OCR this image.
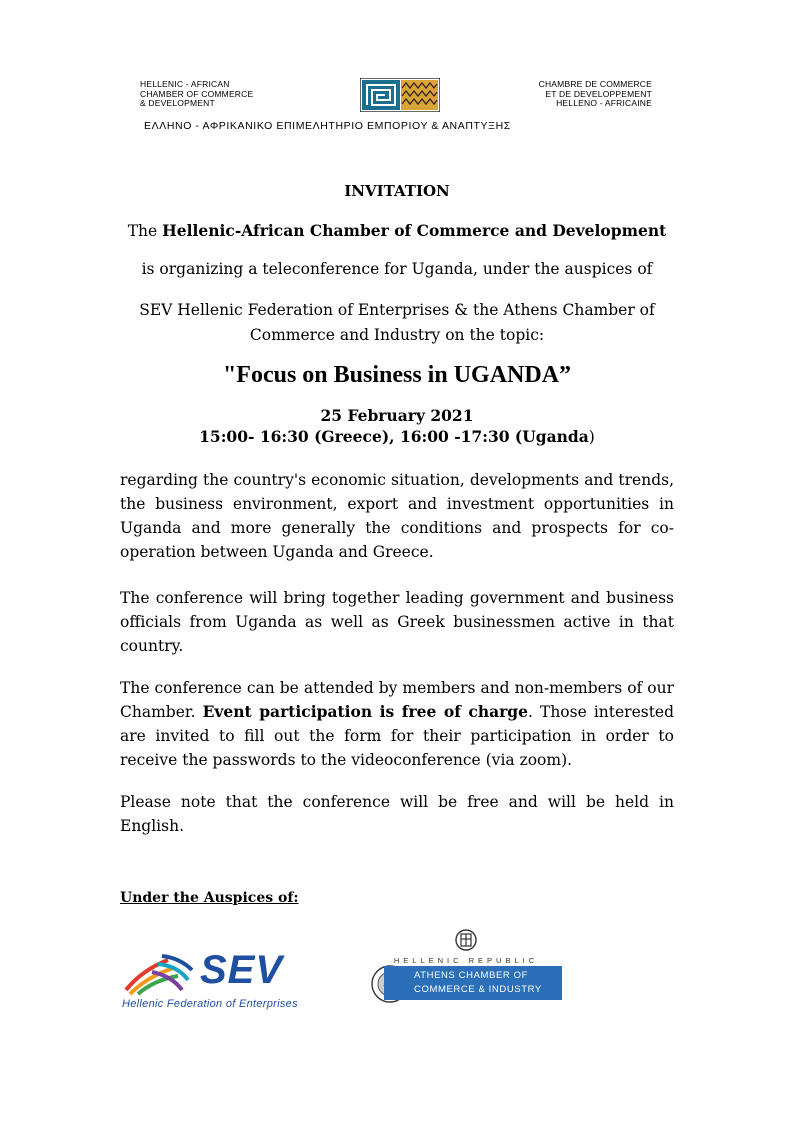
HELLENIC - AFRICAN
CHAMBER OF COMMERCE
& DEVELOPMENT
CHAMBRE DE COMMERCE
ET DE DEVELOPPEMENT
HELLENO - AFRICAINE
ΕΛΛΗΝΟ - ΑΦΡΙΚΑΝΙΚΟ ΕΠΙΜΕΛΗΤΗΡΙΟ ΕΜΠΟΡΙΟΥ & ΑΝΑΠΤΥΞΗΣ
INVITATION
The Hellenic-African Chamber of Commerce and Development
is organizing a teleconference for Uganda, under the auspices of
SEV Hellenic Federation of Enterprises & the Athens Chamber of
Commerce and Industry on the topic:
"Focus on Business in UGANDA”
25 February 2021
15:00- 16:30 (Greece), 16:00 -17:30 (Uganda)
regarding the country's economic situation, developments and trends, the business environment, export and investment opportunities in Uganda and more generally the conditions and prospects for co-operation between Uganda and Greece.
The conference will bring together leading government and business officials from Uganda as well as Greek businessmen active in that country.
The conference can be attended by members and non-members of our Chamber. Event participation is free of charge. Those interested are invited to fill out the form for their participation in order to receive the passwords to the videoconference (via zoom).
Please note that the conference will be free and will be held in English.
Under the Auspices of:
SEV
Hellenic Federation of Enterprises
HELLENIC REPUBLIC
ATHENS CHAMBER OF
COMMERCE & INDUSTRY
